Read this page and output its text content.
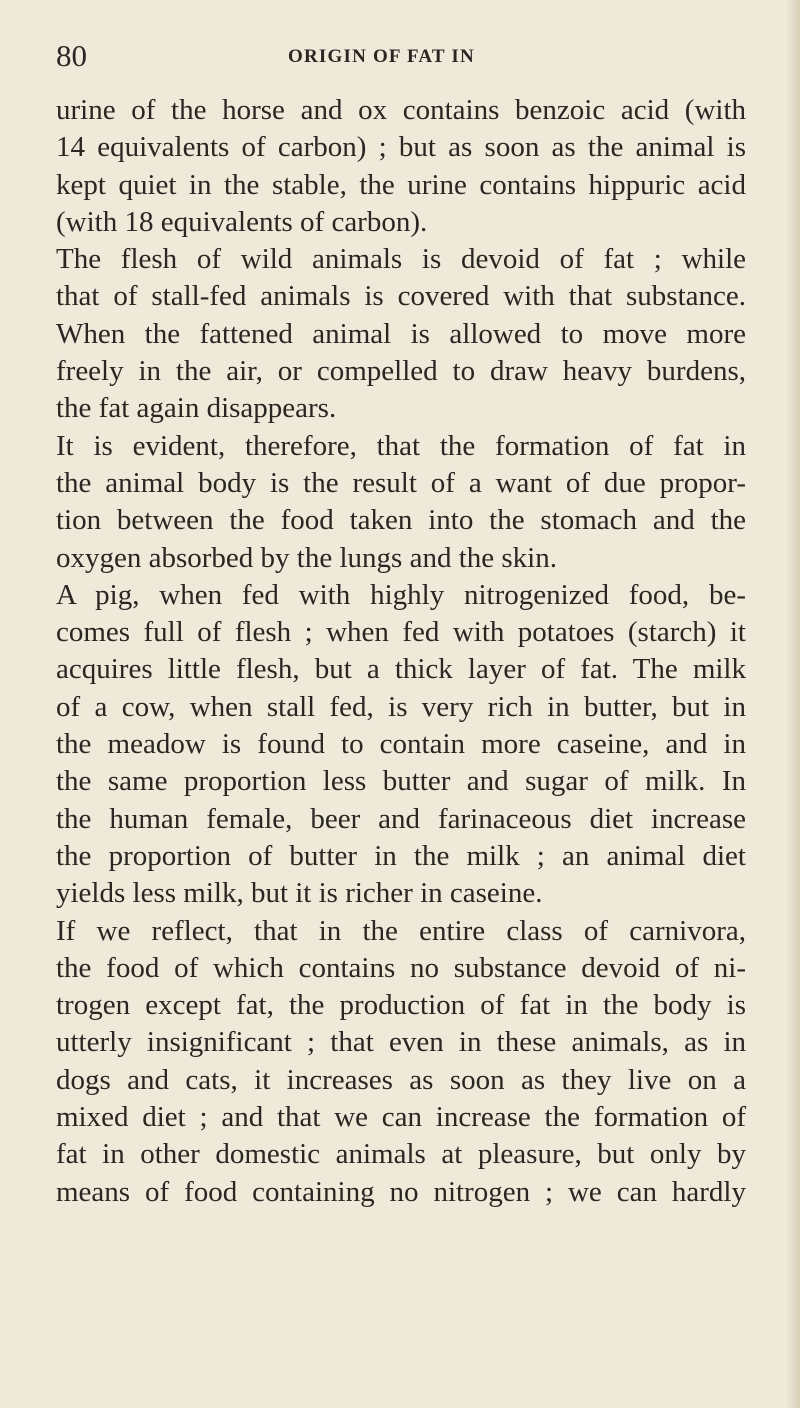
80	ORIGIN OF FAT IN
urine of the horse and ox contains benzoic acid (with
14 equivalents of carbon) ; but as soon as the animal is
kept quiet in the stable, the urine contains hippuric acid
(with 18 equivalents of carbon).
The flesh of wild animals is devoid of fat ; while
that of stall-fed animals is covered with that substance.
When the fattened animal is allowed to move more
freely in the air, or compelled to draw heavy burdens,
the fat again disappears.
It is evident, therefore, that the formation of fat in
the animal body is the result of a want of due propor-
tion between the food taken into the stomach and the
oxygen absorbed by the lungs and the skin.
A pig, when fed with highly nitrogenized food, be-
comes full of flesh ; when fed with potatoes (starch) it
acquires little flesh, but a thick layer of fat. The milk
of a cow, when stall fed, is very rich in butter, but in
the meadow is found to contain more caseine, and in
the same proportion less butter and sugar of milk. In
the human female, beer and farinaceous diet increase
the proportion of butter in the milk ; an animal diet
yields less milk, but it is richer in caseine.
If we reflect, that in the entire class of carnivora,
the food of which contains no substance devoid of ni-
trogen except fat, the production of fat in the body is
utterly insignificant ; that even in these animals, as in
dogs and cats, it increases as soon as they live on a
mixed diet ; and that we can increase the formation of
fat in other domestic animals at pleasure, but only by
means of food containing no nitrogen ; we can hardly
